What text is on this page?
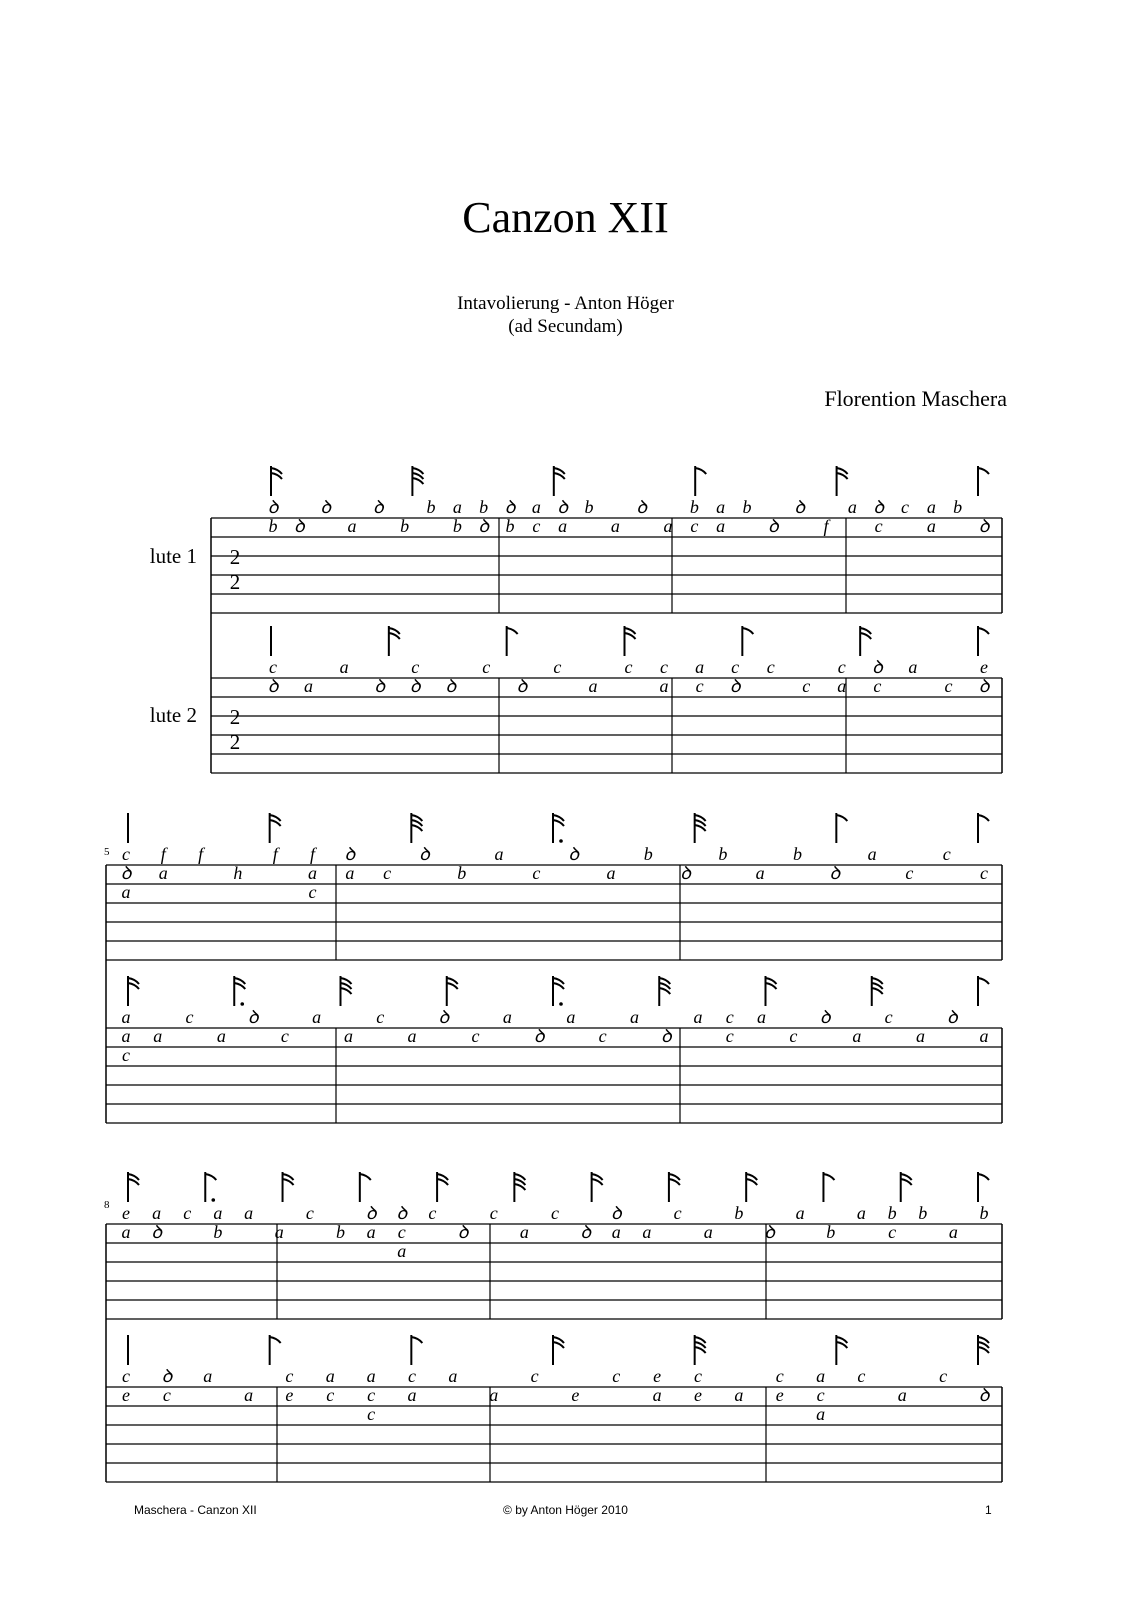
Canzon XII
Intavolierung - Anton Höger
(ad Secundam)
Florention Maschera
2
2
ꝺ
b ꝺ
ꝺ
a
ꝺ
b
b a
b
b
ꝺ
ꝺ
b
a
c
ꝺ
a
b
a
ꝺ
a
b
c
a
a
b
ꝺ
ꝺ
f
a ꝺ
c
c a
a
b
ꝺ
2
2
c
ꝺ a
a
ꝺ
c
ꝺ ꝺ
c
ꝺ
c
a
c c
a
a
c
c
ꝺ
c
c
c
a
ꝺ
c
a
c
e
ꝺ
lute 1
lute 2
c
ꝺ
a
f
a
f
h
f f
a
c
ꝺ
a c
ꝺ
b
a
c
ꝺ
a
b
ꝺ
b
a
b
ꝺ
a
c
c
c
a
a
c
a
c
a
ꝺ
c
a
a
c
a
ꝺ
c
a
ꝺ
a
c
a
ꝺ
a c
c
a
c
ꝺ
a
c
a
ꝺ
a
5
e
a
a
ꝺ
c a
b
a
a
c
b
ꝺ
a
ꝺ
c
a
c
ꝺ
c
a
c
ꝺ
ꝺ
a a
c
a
b
ꝺ
a
b
a b
c
b
a
b
c
e
ꝺ
c
a
a
c
e
a
c
a
c
c
c
a
a
a
c
e
c e
a
c
e a
c
e
a
c
a
c
a
c
ꝺ
8
Maschera - Canzon XII	© by Anton Höger 2010	1
